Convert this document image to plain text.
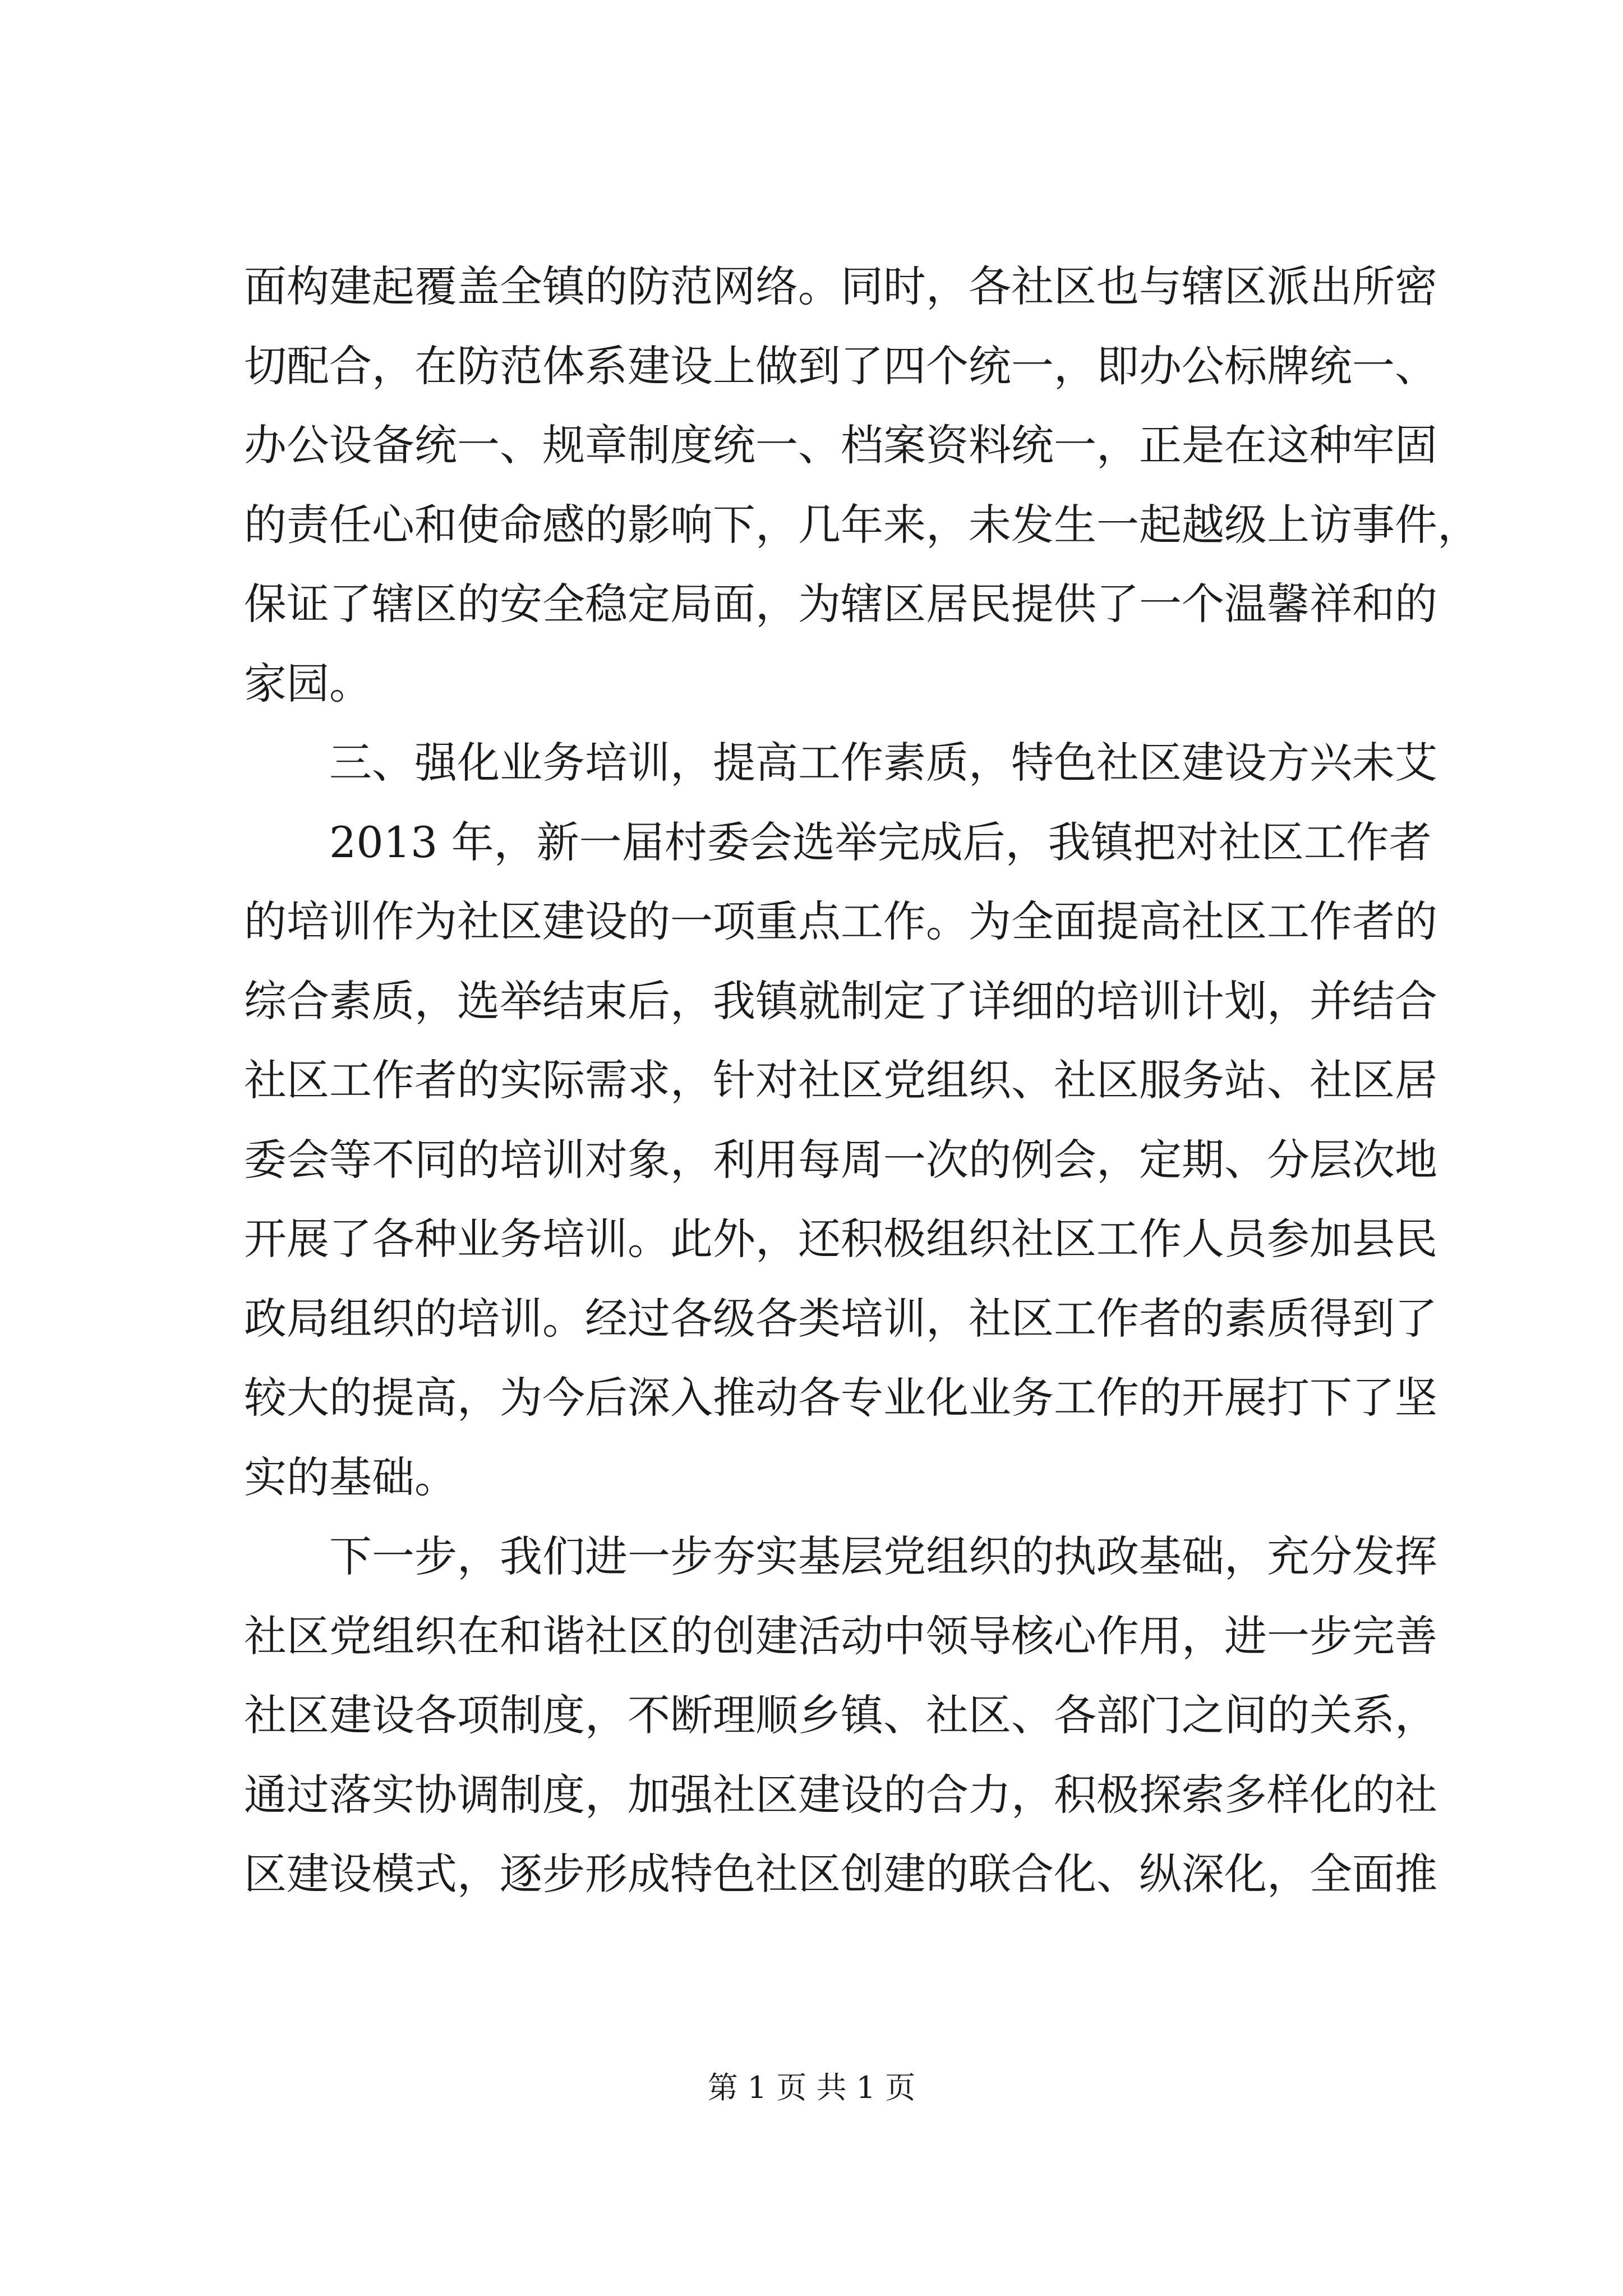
面构建起覆盖全镇的防范网络。同时，各社区也与辖区派出所密
切配合，在防范体系建设上做到了四个统一，即办公标牌统一、
办公设备统一、规章制度统一、档案资料统一，正是在这种牢固
的责任心和使命感的影响下，几年来，未发生一起越级上访事件，
保证了辖区的安全稳定局面，为辖区居民提供了一个温馨祥和的
家园。
三、强化业务培训，提高工作素质，特色社区建设方兴未艾
2013 年，新一届村委会选举完成后，我镇把对社区工作者
的培训作为社区建设的一项重点工作。为全面提高社区工作者的
综合素质，选举结束后，我镇就制定了详细的培训计划，并结合
社区工作者的实际需求，针对社区党组织、社区服务站、社区居
委会等不同的培训对象，利用每周一次的例会，定期、分层次地
开展了各种业务培训。此外，还积极组织社区工作人员参加县民
政局组织的培训。经过各级各类培训，社区工作者的素质得到了
较大的提高，为今后深入推动各专业化业务工作的开展打下了坚
实的基础。
下一步，我们进一步夯实基层党组织的执政基础，充分发挥
社区党组织在和谐社区的创建活动中领导核心作用，进一步完善
社区建设各项制度，不断理顺乡镇、社区、各部门之间的关系，
通过落实协调制度，加强社区建设的合力，积极探索多样化的社
区建设模式，逐步形成特色社区创建的联合化、纵深化，全面推
第 1 页 共 1 页
